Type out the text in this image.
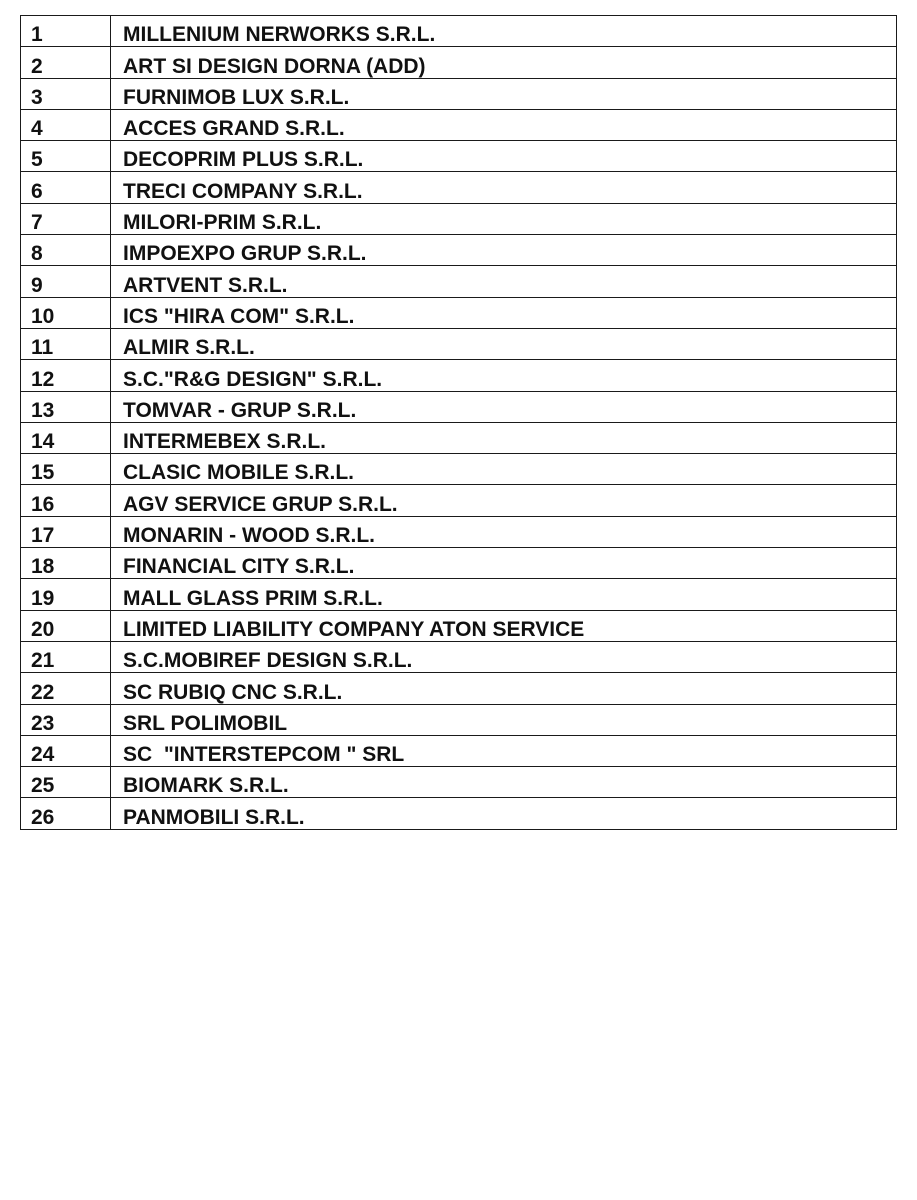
1	MILLENIUM NERWORKS S.R.L.
2	ART SI DESIGN DORNA (ADD)
3	FURNIMOB LUX S.R.L.
4	ACCES GRAND S.R.L.
5	DECOPRIM PLUS S.R.L.
6	TRECI COMPANY S.R.L.
7	MILORI-PRIM S.R.L.
8	IMPOEXPO GRUP S.R.L.
9	ARTVENT S.R.L.
10	ICS "HIRA COM" S.R.L.
11	ALMIR S.R.L.
12	S.C."R&G DESIGN" S.R.L.
13	TOMVAR - GRUP S.R.L.
14	INTERMEBEX S.R.L.
15	CLASIC MOBILE S.R.L.
16	AGV SERVICE GRUP S.R.L.
17	MONARIN - WOOD S.R.L.
18	FINANCIAL CITY S.R.L.
19	MALL GLASS PRIM S.R.L.
20	LIMITED LIABILITY COMPANY ATON SERVICE
21	S.C.MOBIREF DESIGN S.R.L.
22	SC RUBIQ CNC S.R.L.
23	SRL POLIMOBIL
24	SC  "INTERSTEPCOM " SRL
25	BIOMARK S.R.L.
26	PANMOBILI S.R.L.
